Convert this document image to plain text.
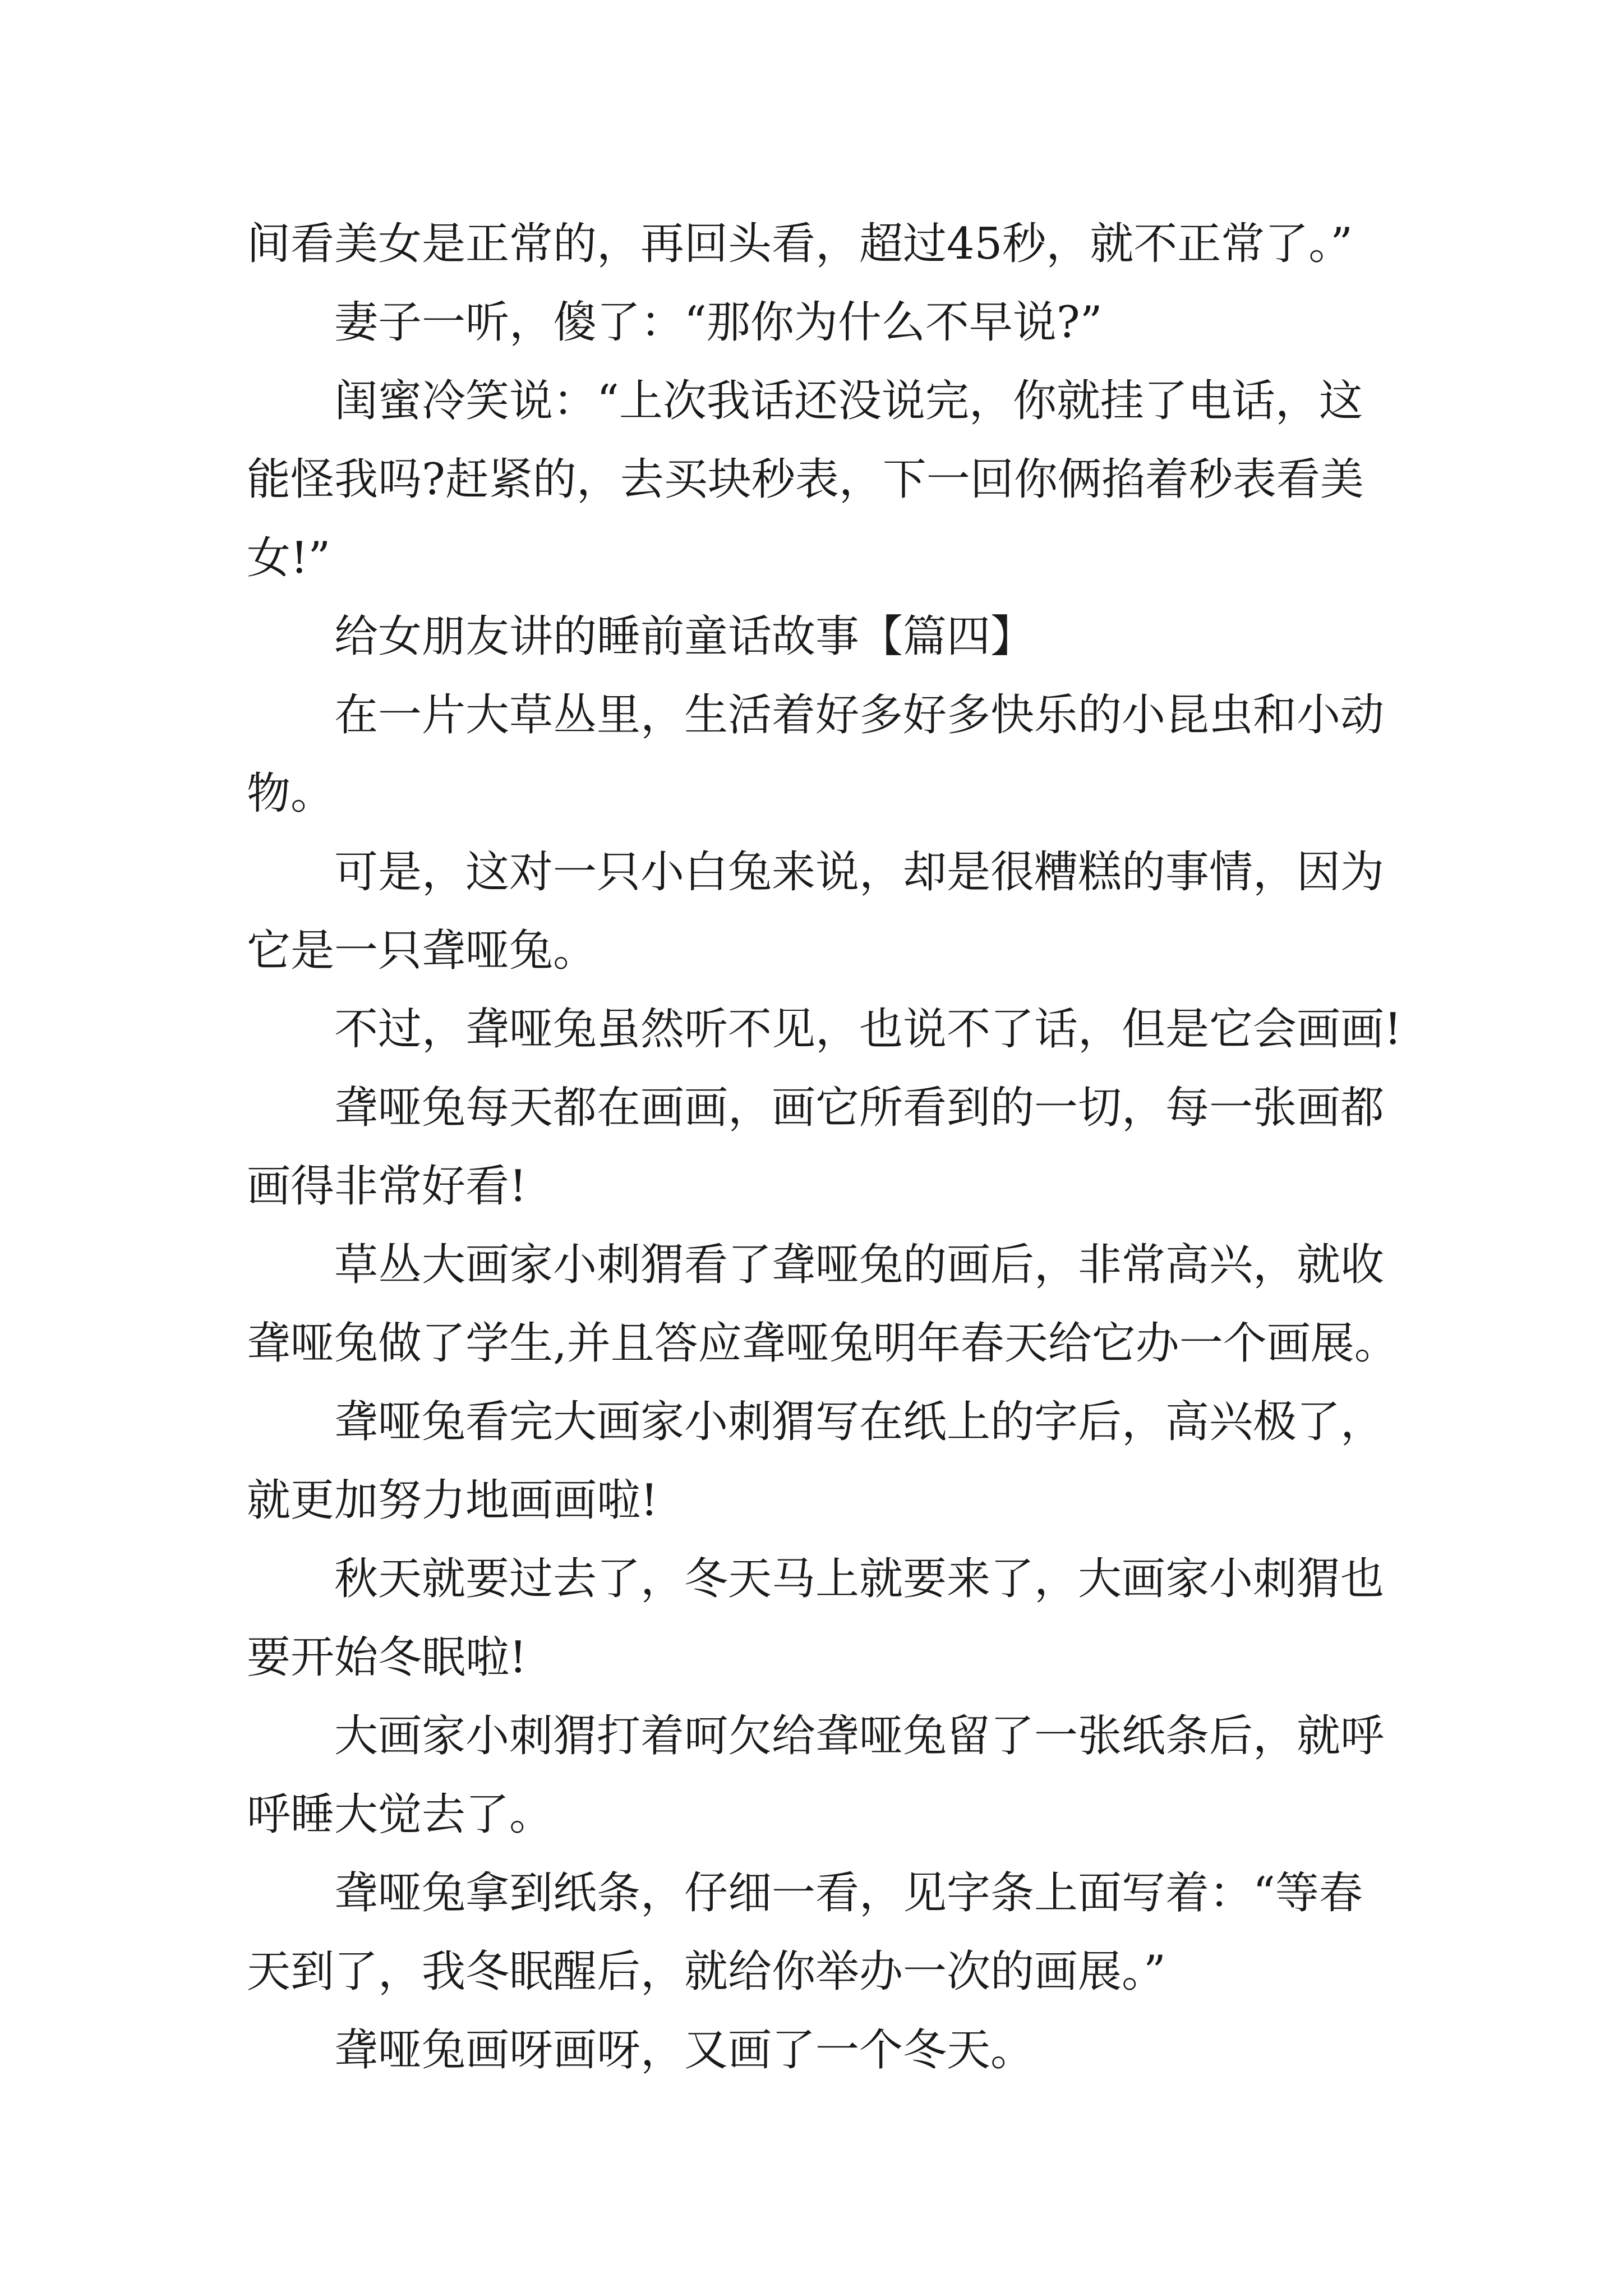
间看美女是正常的，再回头看，超过45秒，就不正常了。”
妻子一听，傻了：“那你为什么不早说?”
闺蜜冷笑说：“上次我话还没说完，你就挂了电话，这
能怪我吗?赶紧的，去买块秒表，下一回你俩掐着秒表看美
女!”
给女朋友讲的睡前童话故事【篇四】
在一片大草丛里，生活着好多好多快乐的小昆虫和小动
物。
可是，这对一只小白兔来说，却是很糟糕的事情，因为
它是一只聋哑兔。
不过，聋哑兔虽然听不见，也说不了话，但是它会画画!
聋哑兔每天都在画画，画它所看到的一切，每一张画都
画得非常好看!
草丛大画家小刺猬看了聋哑兔的画后，非常高兴，就收
聋哑兔做了学生,并且答应聋哑兔明年春天给它办一个画展。
聋哑兔看完大画家小刺猬写在纸上的字后，高兴极了，
就更加努力地画画啦!
秋天就要过去了，冬天马上就要来了，大画家小刺猬也
要开始冬眠啦!
大画家小刺猬打着呵欠给聋哑兔留了一张纸条后，就呼
呼睡大觉去了。
聋哑兔拿到纸条，仔细一看，见字条上面写着：“等春
天到了，我冬眠醒后，就给你举办一次的画展。”
聋哑兔画呀画呀，又画了一个冬天。
